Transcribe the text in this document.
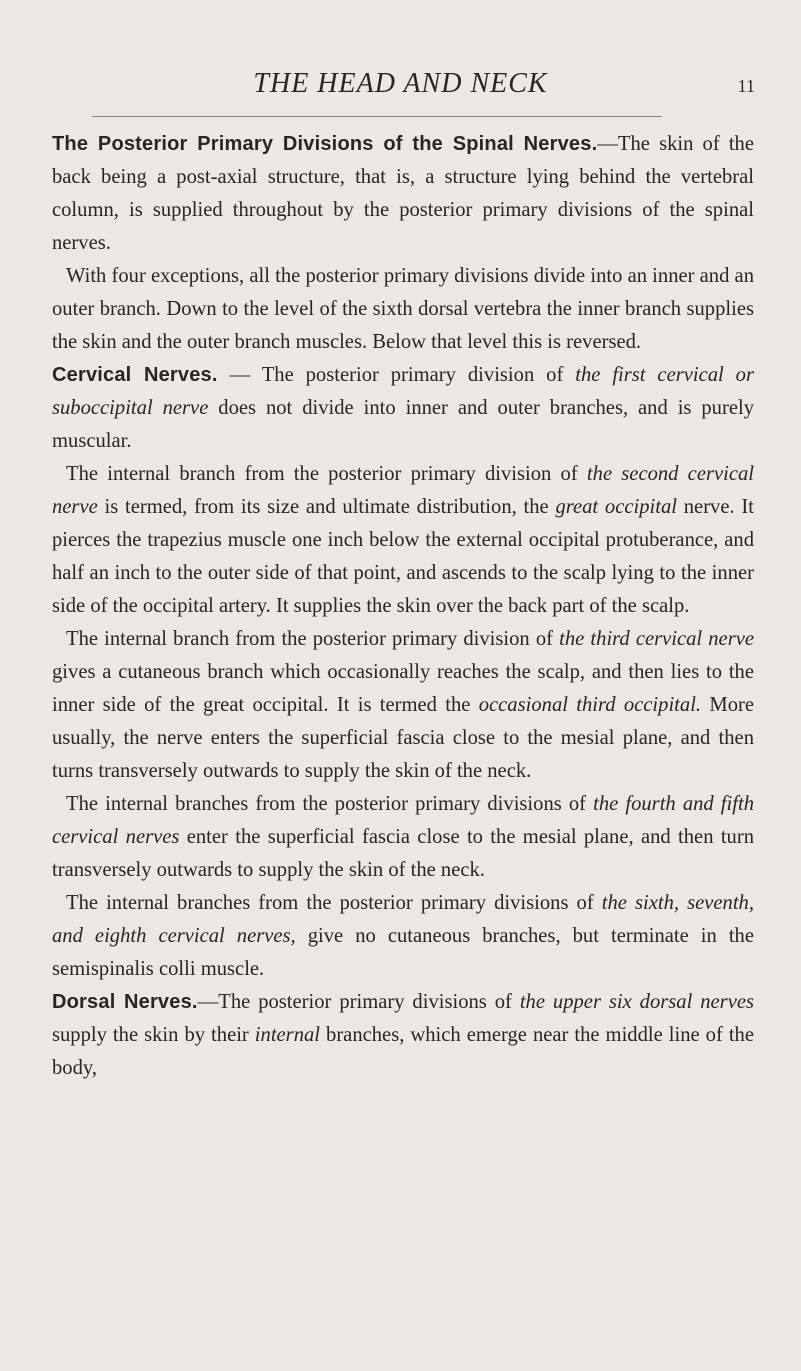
THE HEAD AND NECK	11

The Posterior Primary Divisions of the Spinal Nerves.—The skin of the back being a post-axial structure, that is, a structure lying behind the vertebral column, is supplied throughout by the posterior primary divisions of the spinal nerves.

With four exceptions, all the posterior primary divisions divide into an inner and an outer branch. Down to the level of the sixth dorsal vertebra the inner branch supplies the skin and the outer branch muscles. Below that level this is reversed.

Cervical Nerves. — The posterior primary division of the first cervical or suboccipital nerve does not divide into inner and outer branches, and is purely muscular.

The internal branch from the posterior primary division of the second cervical nerve is termed, from its size and ultimate distribution, the great occipital nerve. It pierces the trapezius muscle one inch below the external occipital protuberance, and half an inch to the outer side of that point, and ascends to the scalp lying to the inner side of the occipital artery. It supplies the skin over the back part of the scalp.

The internal branch from the posterior primary division of the third cervical nerve gives a cutaneous branch which occasionally reaches the scalp, and then lies to the inner side of the great occipital. It is termed the occasional third occipital. More usually, the nerve enters the superficial fascia close to the mesial plane, and then turns transversely outwards to supply the skin of the neck.

The internal branches from the posterior primary divisions of the fourth and fifth cervical nerves enter the superficial fascia close to the mesial plane, and then turn transversely outwards to supply the skin of the neck.

The internal branches from the posterior primary divisions of the sixth, seventh, and eighth cervical nerves, give no cutaneous branches, but terminate in the semispinalis colli muscle.

Dorsal Nerves.—The posterior primary divisions of the upper six dorsal nerves supply the skin by their internal branches, which emerge near the middle line of the body,
